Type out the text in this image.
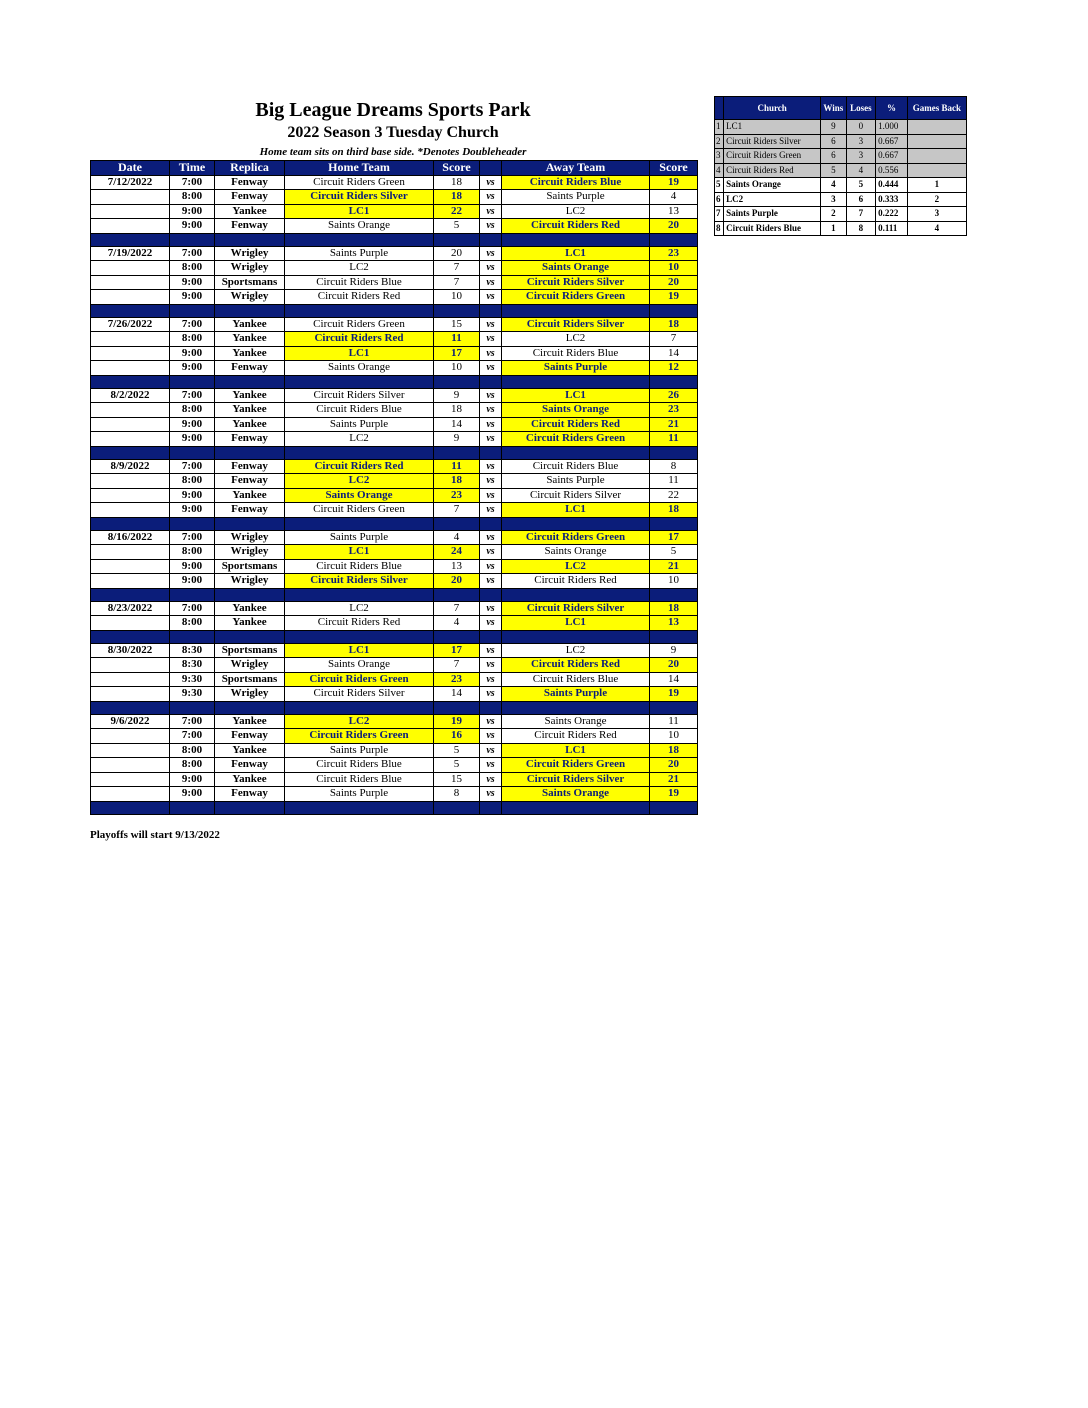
Big League Dreams Sports Park
2022 Season 3 Tuesday Church
Home team sits on third base side. *Denotes Doubleheader
Date	Time	Replica	Home Team	Score		Away Team	Score
7/12/2022	7:00	Fenway	Circuit Riders Green	18	vs	Circuit Riders Blue	19
	8:00	Fenway	Circuit Riders Silver	18	vs	Saints Purple	4
	9:00	Yankee	LC1	22	vs	LC2	13
	9:00	Fenway	Saints Orange	5	vs	Circuit Riders Red	20

7/19/2022	7:00	Wrigley	Saints Purple	20	vs	LC1	23
	8:00	Wrigley	LC2	7	vs	Saints Orange	10
	9:00	Sportsmans	Circuit Riders Blue	7	vs	Circuit Riders Silver	20
	9:00	Wrigley	Circuit Riders Red	10	vs	Circuit Riders Green	19

7/26/2022	7:00	Yankee	Circuit Riders Green	15	vs	Circuit Riders Silver	18
	8:00	Yankee	Circuit Riders Red	11	vs	LC2	7
	9:00	Yankee	LC1	17	vs	Circuit Riders Blue	14
	9:00	Fenway	Saints Orange	10	vs	Saints Purple	12

8/2/2022	7:00	Yankee	Circuit Riders Silver	9	vs	LC1	26
	8:00	Yankee	Circuit Riders Blue	18	vs	Saints Orange	23
	9:00	Yankee	Saints Purple	14	vs	Circuit Riders Red	21
	9:00	Fenway	LC2	9	vs	Circuit Riders Green	11

8/9/2022	7:00	Fenway	Circuit Riders Red	11	vs	Circuit Riders Blue	8
	8:00	Fenway	LC2	18	vs	Saints Purple	11
	9:00	Yankee	Saints Orange	23	vs	Circuit Riders Silver	22
	9:00	Fenway	Circuit Riders Green	7	vs	LC1	18

8/16/2022	7:00	Wrigley	Saints Purple	4	vs	Circuit Riders Green	17
	8:00	Wrigley	LC1	24	vs	Saints Orange	5
	9:00	Sportsmans	Circuit Riders Blue	13	vs	LC2	21
	9:00	Wrigley	Circuit Riders Silver	20	vs	Circuit Riders Red	10

8/23/2022	7:00	Yankee	LC2	7	vs	Circuit Riders Silver	18
	8:00	Yankee	Circuit Riders Red	4	vs	LC1	13

8/30/2022	8:30	Sportsmans	LC1	17	vs	LC2	9
	8:30	Wrigley	Saints Orange	7	vs	Circuit Riders Red	20
	9:30	Sportsmans	Circuit Riders Green	23	vs	Circuit Riders Blue	14
	9:30	Wrigley	Circuit Riders Silver	14	vs	Saints Purple	19

9/6/2022	7:00	Yankee	LC2	19	vs	Saints Orange	11
	7:00	Fenway	Circuit Riders Green	16	vs	Circuit Riders Red	10
	8:00	Yankee	Saints Purple	5	vs	LC1	18
	8:00	Fenway	Circuit Riders Blue	5	vs	Circuit Riders Green	20
	9:00	Yankee	Circuit Riders Blue	15	vs	Circuit Riders Silver	21
	9:00	Fenway	Saints Purple	8	vs	Saints Orange	19

Playoffs will start 9/13/2022
	Church	Wins	Loses	%	Games Back
1	LC1	9	0	1.000	
2	Circuit Riders Silver	6	3	0.667	
3	Circuit Riders Green	6	3	0.667	
4	Circuit Riders Red	5	4	0.556	
5	Saints Orange	4	5	0.444	1
6	LC2	3	6	0.333	2
7	Saints Purple	2	7	0.222	3
8	Circuit Riders Blue	1	8	0.111	4
